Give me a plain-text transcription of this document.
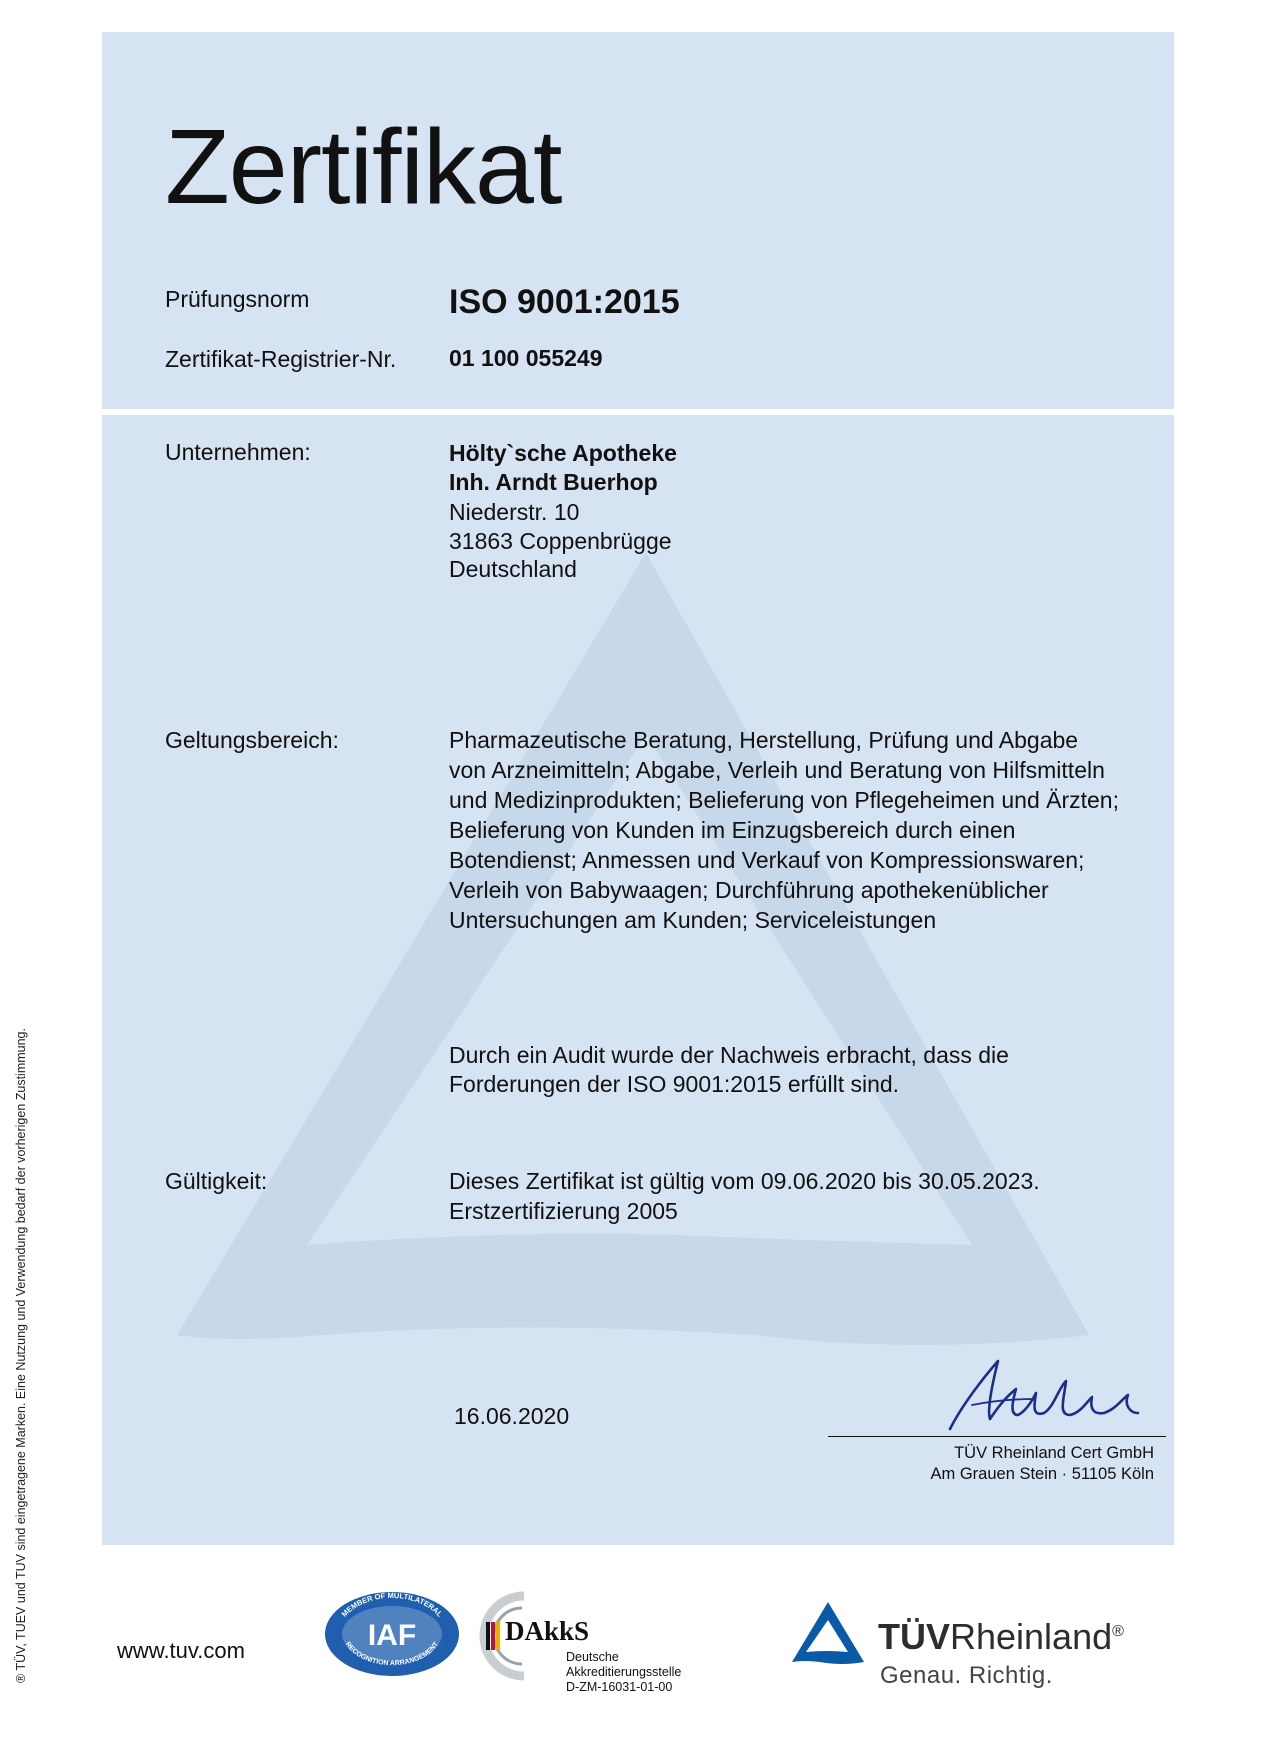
Zertifikat
Prüfungsnorm	ISO 9001:2015
Zertifikat-Registrier-Nr. 01 100 055249
Unternehmen:	Hölty`sche Apotheke
Inh. Arndt Buerhop
Niederstr. 10
31863 Coppenbrügge
Deutschland
Geltungsbereich:	Pharmazeutische Beratung, Herstellung, Prüfung und Abgabe
von Arzneimitteln; Abgabe, Verleih und Beratung von Hilfsmitteln
und Medizinprodukten; Belieferung von Pflegeheimen und Ärzten;
Belieferung von Kunden im Einzugsbereich durch einen
Botendienst; Anmessen und Verkauf von Kompressionswaren;
Verleih von Babywaagen; Durchführung apothekenüblicher
Untersuchungen am Kunden; Serviceleistungen
Durch ein Audit wurde der Nachweis erbracht, dass die
Forderungen der ISO 9001:2015 erfüllt sind.
Gültigkeit:	Dieses Zertifikat ist gültig vom 09.06.2020 bis 30.05.2023.
Erstzertifizierung 2005
16.06.2020
TÜV Rheinland Cert GmbH
Am Grauen Stein · 51105 Köln
® TÜV, TUEV und TUV sind eingetragene Marken. Eine Nutzung und Verwendung bedarf der vorherigen Zustimmung.	www.tuv.com
MEMBER OF MULTILATERAL
RECOGNITION ARRANGEMENT
IAF	DAkkS
Deutsche
Akkreditierungsstelle
D-ZM-16031-01-00
TÜVRheinland®
Genau. Richtig.
